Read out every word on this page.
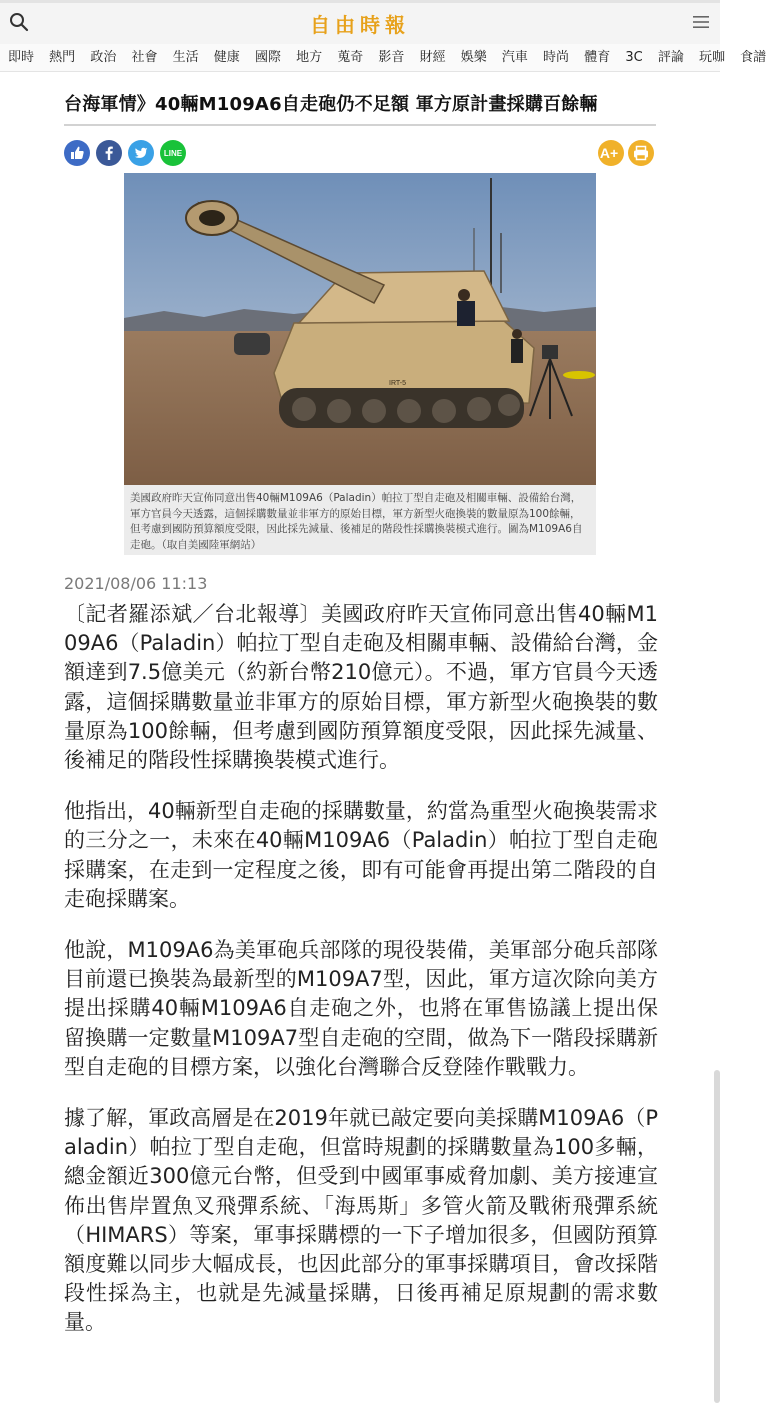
自由時報
即時 熱門 政治 社會 生活 健康 國際 地方 蒐奇 影音 財經 娛樂 汽車 時尚 體育 3C 評論 玩咖 食譜
台海軍情》40輛M109A6自走砲仍不足額 軍方原計畫採購百餘輛
LINE	A+
IRT-5
美國政府昨天宣佈同意出售40輛M109A6（Paladin）帕拉丁型自走砲及相關車輛、設備給台灣，軍方官員今天透露，這個採購數量並非軍方的原始目標，軍方新型火砲換裝的數量原為100餘輛，但考慮到國防預算額度受限，因此採先減量、後補足的階段性採購換裝模式進行。圖為M109A6自走砲。（取自美國陸軍網站）
2021/08/06 11:13

〔記者羅添斌／台北報導〕美國政府昨天宣佈同意出售40輛M109A6（Paladin）帕拉丁型自走砲及相關車輛、設備給台灣，金額達到7.5億美元（約新台幣210億元）。不過，軍方官員今天透露，這個採購數量並非軍方的原始目標，軍方新型火砲換裝的數量原為100餘輛，但考慮到國防預算額度受限，因此採先減量、後補足的階段性採購換裝模式進行。

他指出，40輛新型自走砲的採購數量，約當為重型火砲換裝需求的三分之一，未來在40輛M109A6（Paladin）帕拉丁型自走砲採購案，在走到一定程度之後，即有可能會再提出第二階段的自走砲採購案。

他說，M109A6為美軍砲兵部隊的現役裝備，美軍部分砲兵部隊目前還已換裝為最新型的M109A7型，因此，軍方這次除向美方提出採購40輛M109A6自走砲之外，也將在軍售協議上提出保留換購一定數量M109A7型自走砲的空間，做為下一階段採購新型自走砲的目標方案，以強化台灣聯合反登陸作戰戰力。

據了解，軍政高層是在2019年就已敲定要向美採購M109A6（Paladin）帕拉丁型自走砲，但當時規劃的採購數量為100多輛，總金額近300億元台幣，但受到中國軍事威脅加劇、美方接連宣佈出售岸置魚叉飛彈系統、「海馬斯」多管火箭及戰術飛彈系統（HIMARS）等案，軍事採購標的一下子增加很多，但國防預算額度難以同步大幅成長，也因此部分的軍事採購項目，會改採階段性採為主，也就是先減量採購，日後再補足原規劃的需求數量。
